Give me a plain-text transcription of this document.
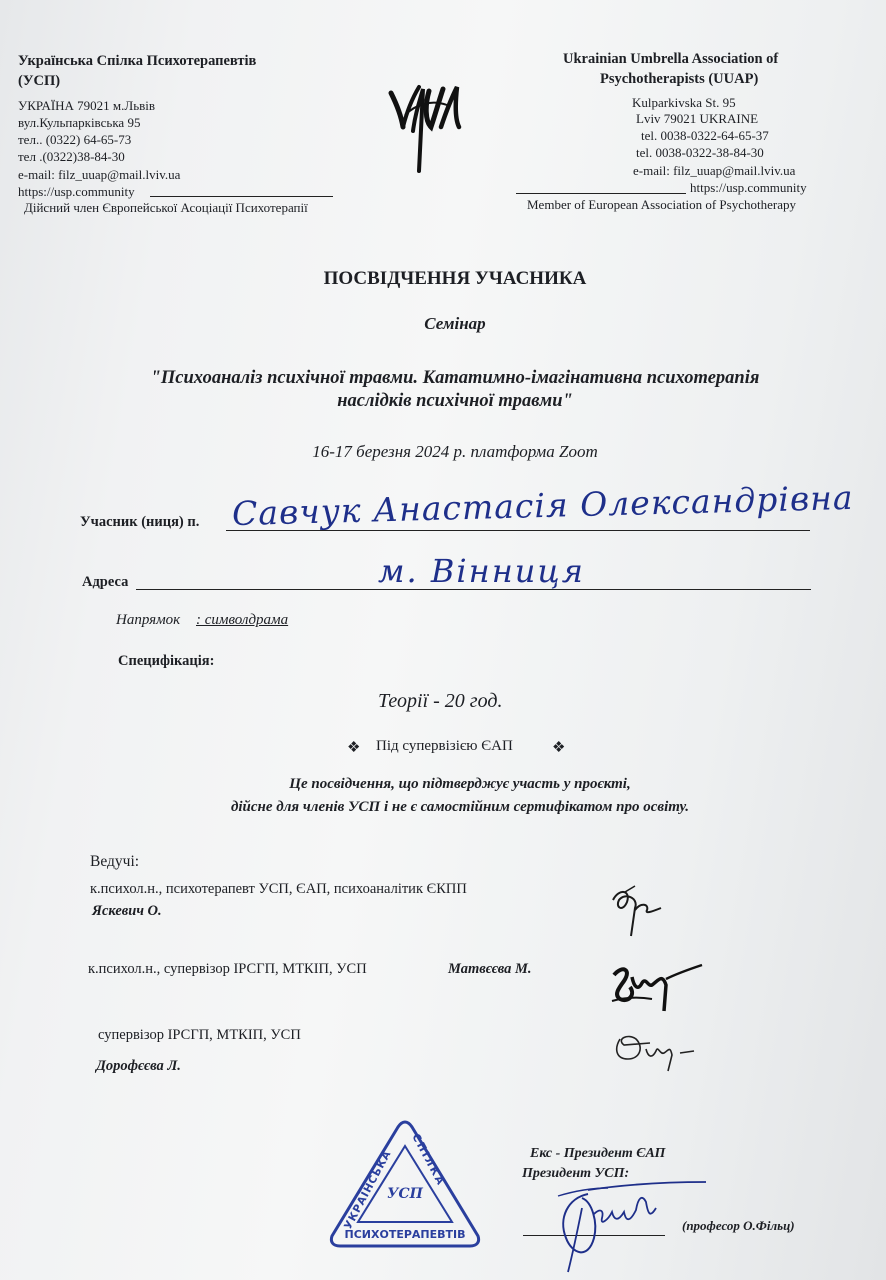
Українська Спілка Психотерапевтів
(УСП)
УКРАЇНА 79021 м.Львів
вул.Кульпарківська 95
тел.. (0322) 64-65-73
тел .(0322)38-84-30
e-mail: filz_uuap@mail.lviv.ua
https://usp.community
Дійсний член Європейської Асоціації Психотерапії
Ukrainian Umbrella Association of
Psychotherapists (UUAP)
Kulparkivska St. 95
Lviv 79021 UKRAINE
tel. 0038-0322-64-65-37
tel. 0038-0322-38-84-30
e-mail: filz_uuap@mail.lviv.ua
https://usp.community
Member of European Association of Psychotherapy
ПОСВІДЧЕННЯ УЧАСНИКА
Семінар
"Психоаналіз психічної травми. Кататимно-імагінативна психотерапія
наслідків психічної травми"
16-17 березня 2024 р. платформа Zoom
Учасник (ниця) п. Савчук Анастасія Олександрівна
Адреса	м. Вінниця
Напрямок : символдрама
Специфікація:
Теорії - 20 год.
❖ Під супервізією ЄАП	❖
Це посвідчення, що підтверджує участь у проєкті,
дійсне для членів УСП і не є самостійним сертифікатом про освіту.
Ведучі:
к.психол.н., психотерапевт УСП, ЄАП, психоаналітик ЄКПП
Яскевич О.
к.психол.н., супервізор ІРСГП, МТКІП, УСП	Матвєєва М.
супервізор ІРСГП, МТКІП, УСП
Дорофєєва Л.
УКРАЇНСЬКА
СПІЛКА
ПСИХОТЕРАПЕВТІВ
УСП
Екс - Президент ЄАП
Президент УСП:
(професор О.Фільц)
